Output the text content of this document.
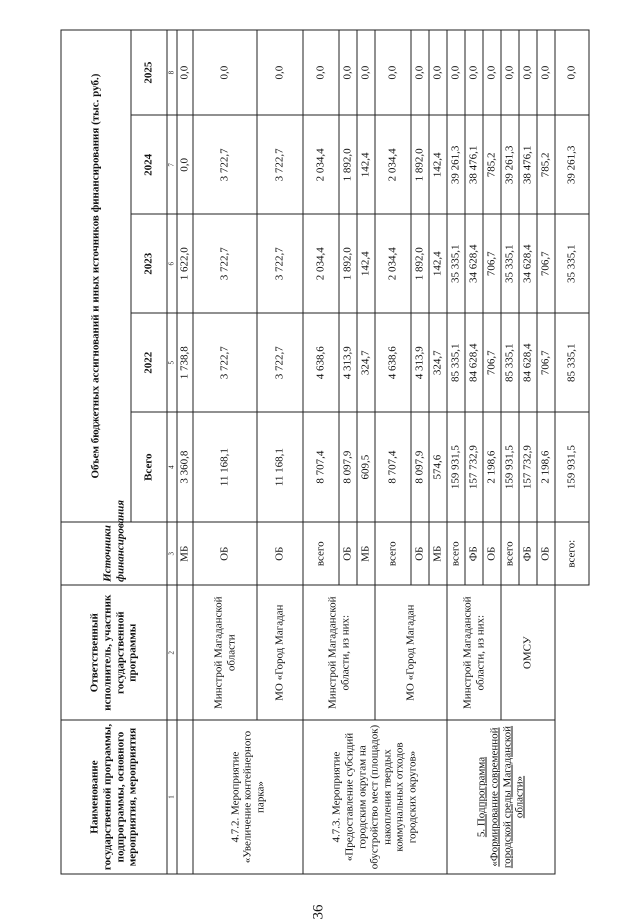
36
Наименование государственной программы, подпрограммы, основного мероприятия, мероприятия	Ответственный исполнитель, участник государственной программы	Источники финансирования	Объем бюджетных ассигнований и иных источников финансирования (тыс. руб.)				
			Всего	2022	2023	2024	2025
1	2	3	4	5	6	7	8
		МБ	3 360,8	1 738,8	1 622,0	0,0	0,0
4.7.2. Мероприятие «Увеличение контейнерного парка»	Минстрой Магаданской области	ОБ	11 168,1	3 722,7	3 722,7	3 722,7	0,0
	МО «Город Магадан	ОБ	11 168,1	3 722,7	3 722,7	3 722,7	0,0
4.7.3. Мероприятие «Предоставление субсидий городским округам на обустройство мест (площадок) накопления твердых коммунальных отходов городских округов»	Минстрой Магаданской области, из них:	всего	8 707,4	4 638,6	2 034,4	2 034,4	0,0
		ОБ	8 097,9	4 313,9	1 892,0	1 892,0	0,0
		МБ	609,5	324,7	142,4	142,4	0,0
	МО «Город Магадан	всего	8 707,4	4 638,6	2 034,4	2 034,4	0,0
		ОБ	8 097,9	4 313,9	1 892,0	1 892,0	0,0
		МБ	574,6	324,7	142,4	142,4	0,0
5. Подпрограмма «Формирование современной городской среды Магаданской области»	Минстрой Магаданской области, из них:	всего	159 931,5	85 335,1	35 335,1	39 261,3	0,0
		ФБ	157 732,9	84 628,4	34 628,4	38 476,1	0,0
		ОБ	2 198,6	706,7	706,7	785,2	0,0
	ОМСУ	всего	159 931,5	85 335,1	35 335,1	39 261,3	0,0
		ФБ	157 732,9	84 628,4	34 628,4	38 476,1	0,0
		ОБ	2 198,6	706,7	706,7	785,2	0,0
		всего:	159 931,5	85 335,1	35 335,1	39 261,3	0,0
